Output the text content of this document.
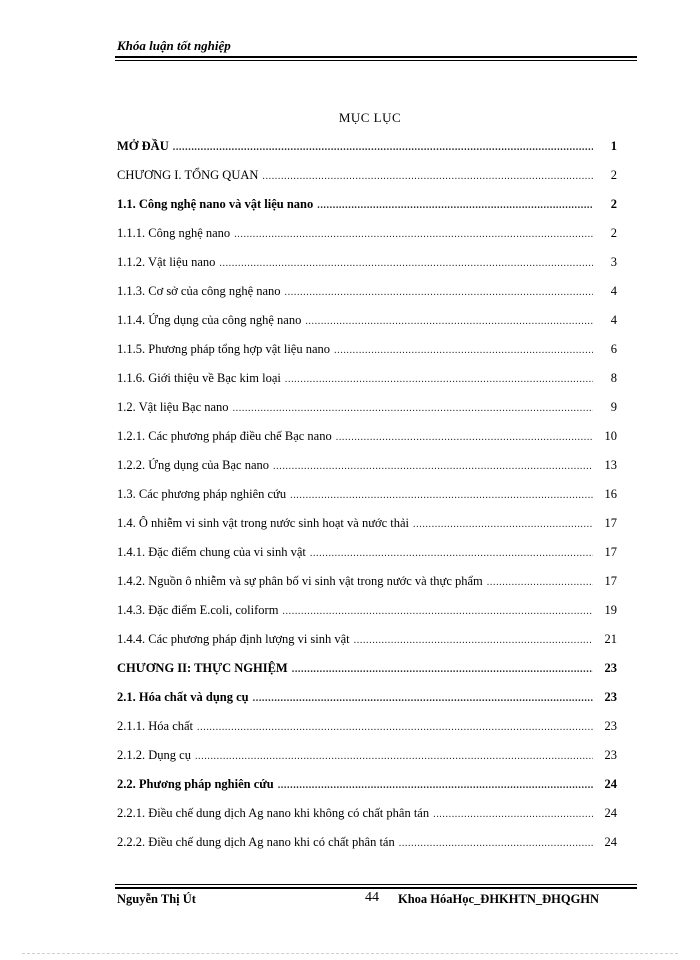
Khóa luận tốt nghiệp
MỤC LỤC
MỞ ĐẦU .....	1
CHƯƠNG I. TỔNG QUAN .....	2
1.1. Công nghệ nano và vật liệu nano .....	2
1.1.1. Công nghệ nano .....	2
1.1.2. Vật liệu nano .....	3
1.1.3. Cơ sở của công nghệ nano .....	4
1.1.4. Ứng dụng của công nghệ nano .....	4
1.1.5. Phương pháp tổng hợp vật liệu nano .....	6
1.1.6. Giới thiệu về Bạc kim loại .....	8
1.2. Vật liệu Bạc nano .....	9
1.2.1. Các phương pháp điều chế Bạc nano .....	10
1.2.2. Ứng dụng của Bạc nano .....	13
1.3. Các phương pháp nghiên cứu .....	16
1.4. Ô nhiễm vi sinh vật trong nước sinh hoạt và nước thải .....	17
1.4.1. Đặc điểm chung của vi sinh vật .....	17
1.4.2. Nguồn ô nhiễm và sự phân bố vi sinh vật trong nước và thực phẩm .....	17
1.4.3. Đặc điểm E.coli, coliform .....	19
1.4.4. Các phương pháp định lượng vi sinh vật .....	21
CHƯƠNG II: THỰC NGHIỆM .....	23
2.1. Hóa chất và dụng cụ .....	23
2.1.1. Hóa chất .....	23
2.1.2. Dụng cụ .....	23
2.2. Phương pháp nghiên cứu .....	24
2.2.1. Điều chế dung dịch Ag nano khi không có chất phân tán .....	24
2.2.2. Điều chế dung dịch Ag nano khi có chất phân tán .....	24
Nguyễn Thị Út	44 Khoa HóaHọc_ĐHKHTN_ĐHQGHN
